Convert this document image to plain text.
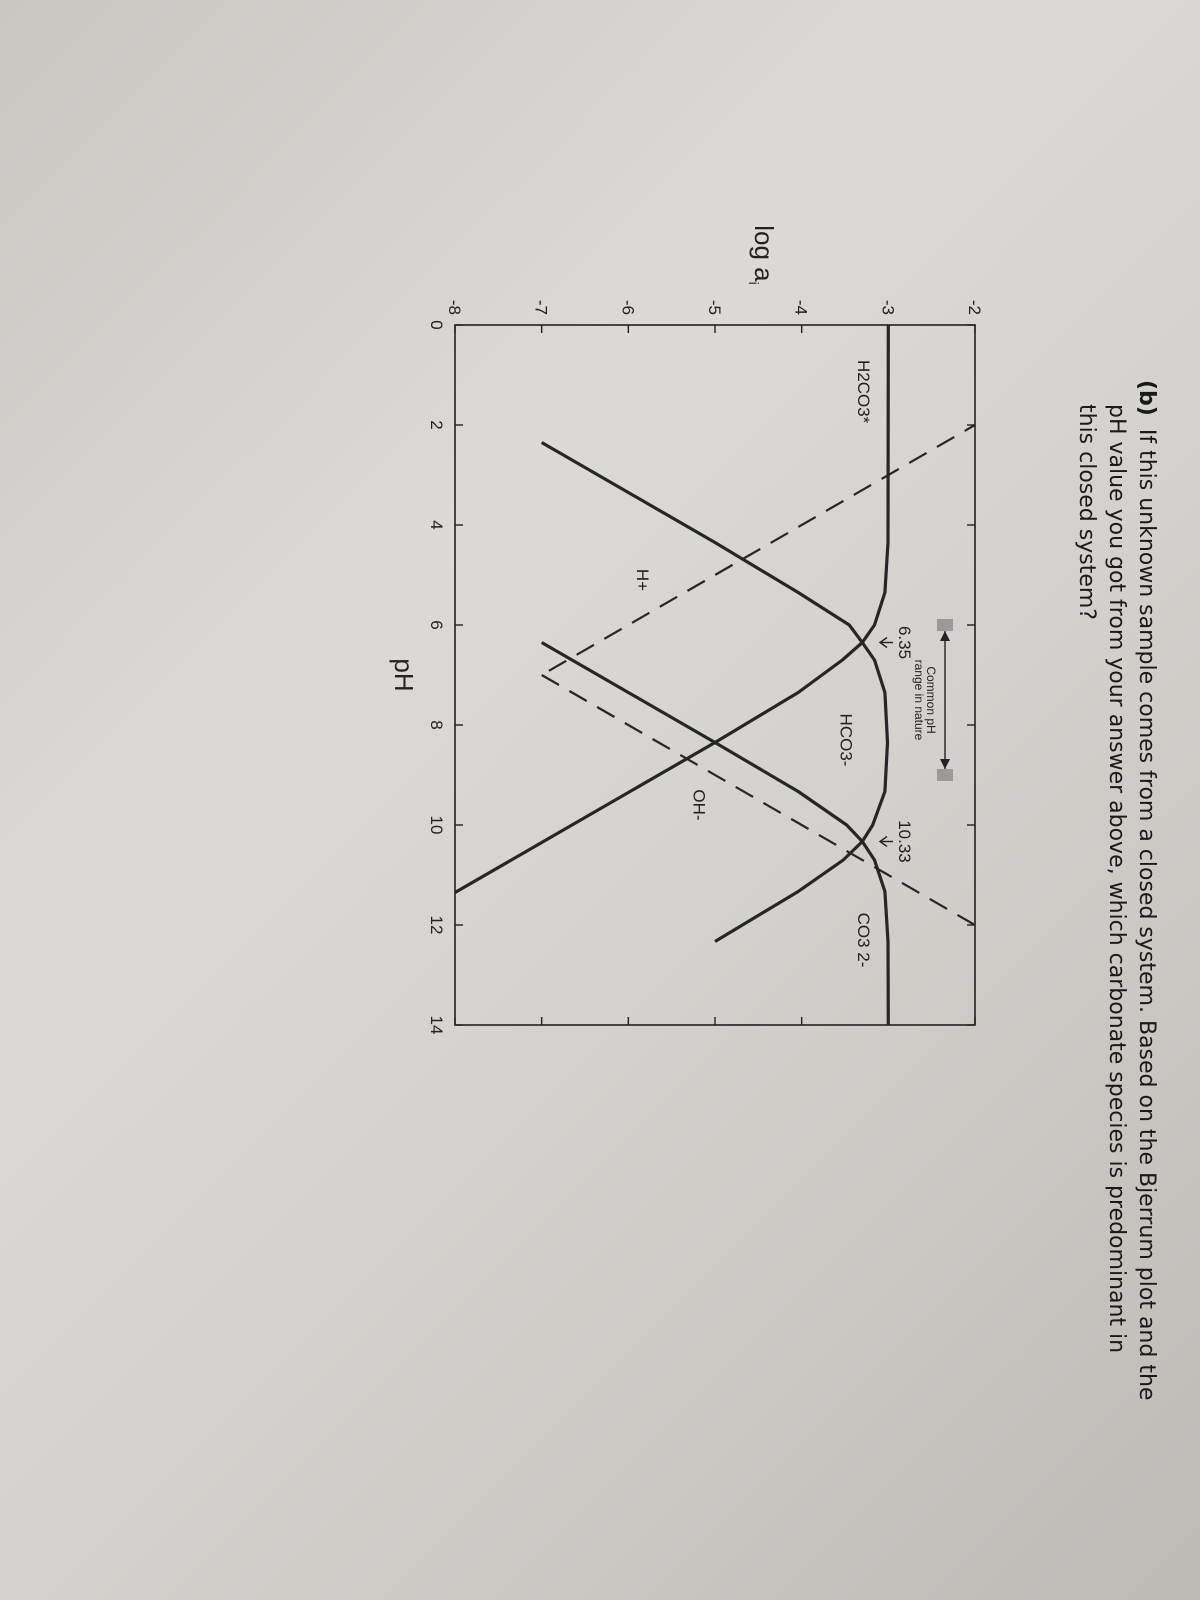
(b) If this unknown sample comes from a closed system. Based on the Bjerrum plot and the
pH value you got from your answer above, which carbonate species is predominant in
this closed system?
0
2
4
6
8
10
12
14
-8	-7	-6	-5	-4	-3	-2
pH
$\log a_i$
Common pH
range in nature
6.35
10.33
H2CO3*
HCO3-
CO3 2-
H+
OH-
